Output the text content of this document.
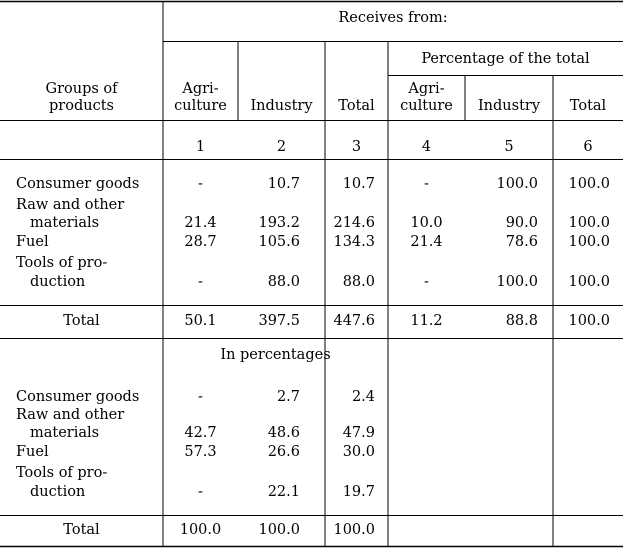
Receives from:
Percentage of the total
Groups of
products
Agri-
culture	Industry	Total
Agri-
culture	Industry	Total
1	2	3	4	5	6
Consumer goods	-	10.7	10.7	-	100.0	100.0
Raw and other
materials	21.4	193.2	214.6	10.0	90.0	100.0
Fuel	28.7	105.6	134.3	21.4	78.6	100.0
Tools of pro-
duction	-	88.0	88.0	-	100.0	100.0
Total	50.1	397.5	447.6	11.2	88.8	100.0
In percentages
Consumer goods	-	2.7	2.4
Raw and other
materials	42.7	48.6	47.9
Fuel	57.3	26.6	30.0
Tools of pro-
duction	-	22.1	19.7
Total	100.0	100.0	100.0
